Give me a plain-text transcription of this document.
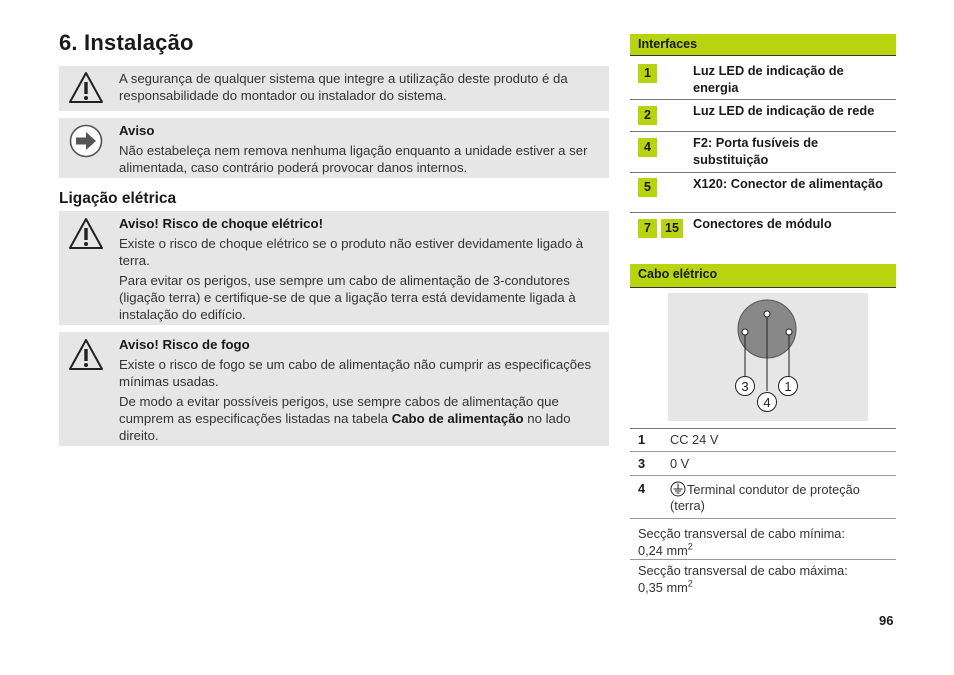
6. Instalação

A segurança de qualquer sistema que integre a utilização deste produto é da responsabilidade do montador ou instalador do sistema.

Aviso

Não estabeleça nem remova nenhuma ligação enquanto a unidade estiver a ser alimentada, caso contrário poderá provocar danos internos.

Ligação elétrica

Aviso! Risco de choque elétrico!

Existe o risco de choque elétrico se o produto não estiver devidamente ligado à terra.

Para evitar os perigos, use sempre um cabo de alimentação de 3-condutores (ligação terra) e certifique-se de que a ligação terra está devidamente ligada à instalação do edifício.

Aviso! Risco de fogo

Existe o risco de fogo se um cabo de alimentação não cumprir as especificações mínimas usadas.

De modo a evitar possíveis perigos, use sempre cabos de alimentação que cumprem as especificações listadas na tabela Cabo de alimentação no lado direito.

Interfaces
1	Luz LED de indicação de energia
2	Luz LED de indicação de rede
4	F2: Porta fusíveis de substituição
5	X120: Conector de alimentação
7	15	Conectores de módulo
Cabo elétrico
3
4
1
1 CC 24 V
3 0 V
4	Terminal condutor de proteção (terra)
Secção transversal de cabo mínima:
0,24 $mm^2$
Secção transversal de cabo máxima:
0,35 $mm^2$
96
